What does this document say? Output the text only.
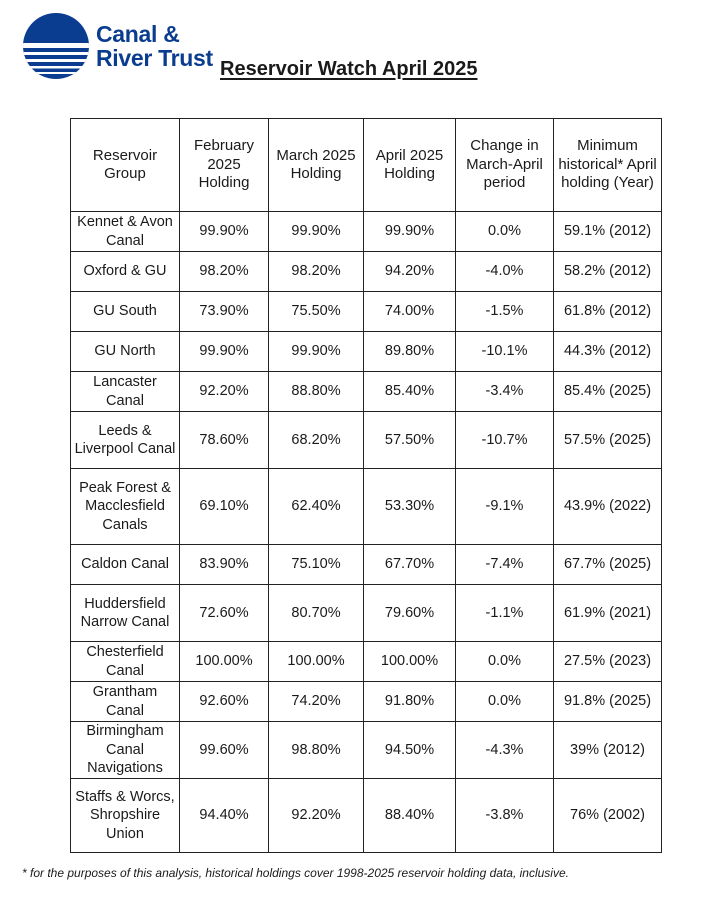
Canal &
River Trust Reservoir Watch April 2025
Reservoir Group	February 2025 Holding	March 2025 Holding	April 2025 Holding	Change in March-April period	Minimum historical* April holding (Year)
Kennet & Avon Canal	99.90%	99.90%	99.90%	0.0%	59.1% (2012)
Oxford & GU	98.20%	98.20%	94.20%	-4.0%	58.2% (2012)
GU South	73.90%	75.50%	74.00%	-1.5%	61.8% (2012)
GU North	99.90%	99.90%	89.80%	-10.1%	44.3% (2012)
Lancaster Canal	92.20%	88.80%	85.40%	-3.4%	85.4% (2025)
Leeds & Liverpool Canal	78.60%	68.20%	57.50%	-10.7%	57.5% (2025)
Peak Forest & Macclesfield Canals	69.10%	62.40%	53.30%	-9.1%	43.9% (2022)
Caldon Canal	83.90%	75.10%	67.70%	-7.4%	67.7% (2025)
Huddersfield Narrow Canal	72.60%	80.70%	79.60%	-1.1%	61.9% (2021)
Chesterfield Canal	100.00%	100.00%	100.00%	0.0%	27.5% (2023)
Grantham Canal	92.60%	74.20%	91.80%	0.0%	91.8% (2025)
Birmingham Canal Navigations	99.60%	98.80%	94.50%	-4.3%	39% (2012)
Staffs & Worcs, Shropshire Union	94.40%	92.20%	88.40%	-3.8%	76% (2002)
* for the purposes of this analysis, historical holdings cover 1998-2025 reservoir holding data, inclusive.
